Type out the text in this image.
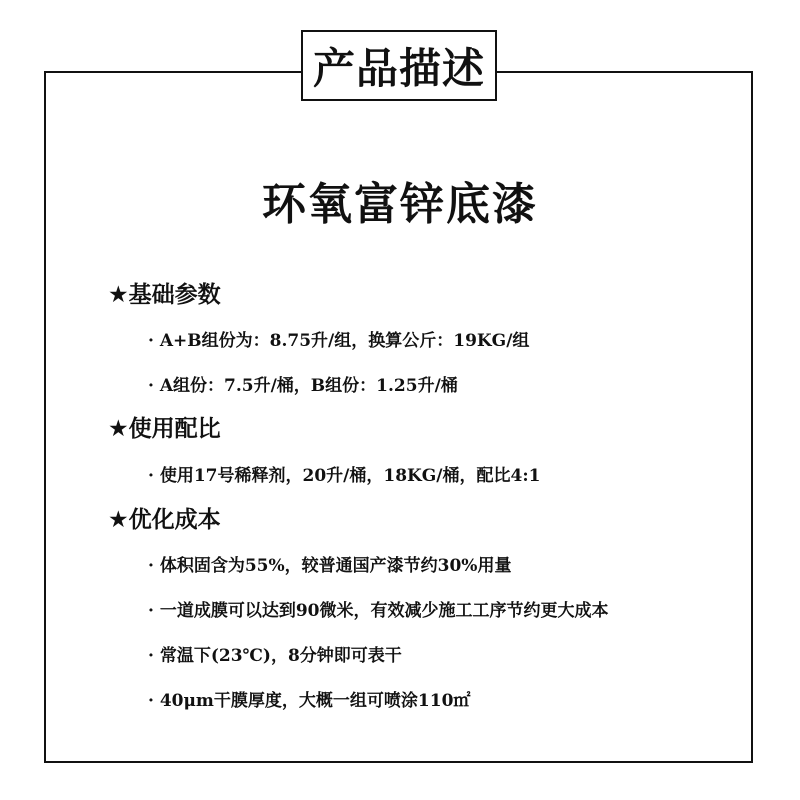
产品描述
环氧富锌底漆
★基础参数
· A+B组份为：8.75升/组，换算公斤：19KG/组
· A组份：7.5升/桶，B组份：1.25升/桶
★使用配比
· 使用17号稀释剂，20升/桶，18KG/桶，配比4:1
★优化成本
· 体积固含为55%，较普通国产漆节约30%用量
· 一道成膜可以达到90微米，有效减少施工工序节约更大成本
· 常温下(23℃)，8分钟即可表干
· 40μm干膜厚度，大概一组可喷涂110㎡
